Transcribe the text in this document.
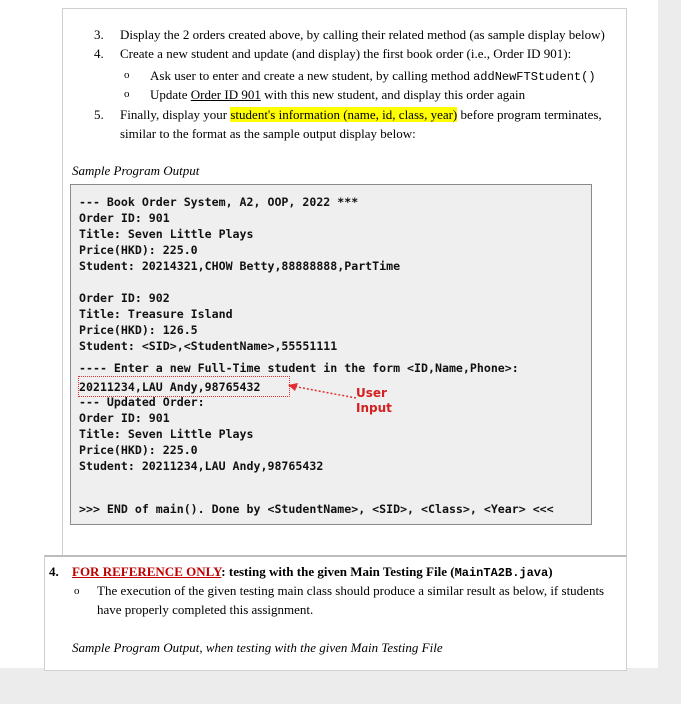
3. Display the 2 orders created above, by calling their related method (as sample display below)
4. Create a new student and update (and display) the first book order (i.e., Order ID 901):
o Ask user to enter and create a new student, by calling method addNewFTStudent()
o Update Order ID 901 with this new student, and display this order again
5. Finally, display your student's information (name, id, class, year) before program terminates,
similar to the format as the sample output display below:
Sample Program Output
--- Book Order System, A2, OOP, 2022 ***
Order ID: 901
Title: Seven Little Plays
Price(HKD): 225.0
Student: 20214321,CHOW Betty,88888888,PartTime
Order ID: 902
Title: Treasure Island
Price(HKD): 126.5
Student: <SID>,<StudentName>,55551111
---- Enter a new Full-Time student in the form <ID,Name,Phone>:
20211234,LAU Andy,98765432
--- Updated Order:
Order ID: 901
Title: Seven Little Plays
Price(HKD): 225.0
Student: 20211234,LAU Andy,98765432
>>> END of main(). Done by <StudentName>, <SID>, <Class>, <Year> <<<
User
Input
4. FOR REFERENCE ONLY: testing with the given Main Testing File (MainTA2B.java)
o The execution of the given testing main class should produce a similar result as below, if students
have properly completed this assignment.
Sample Program Output, when testing with the given Main Testing File
